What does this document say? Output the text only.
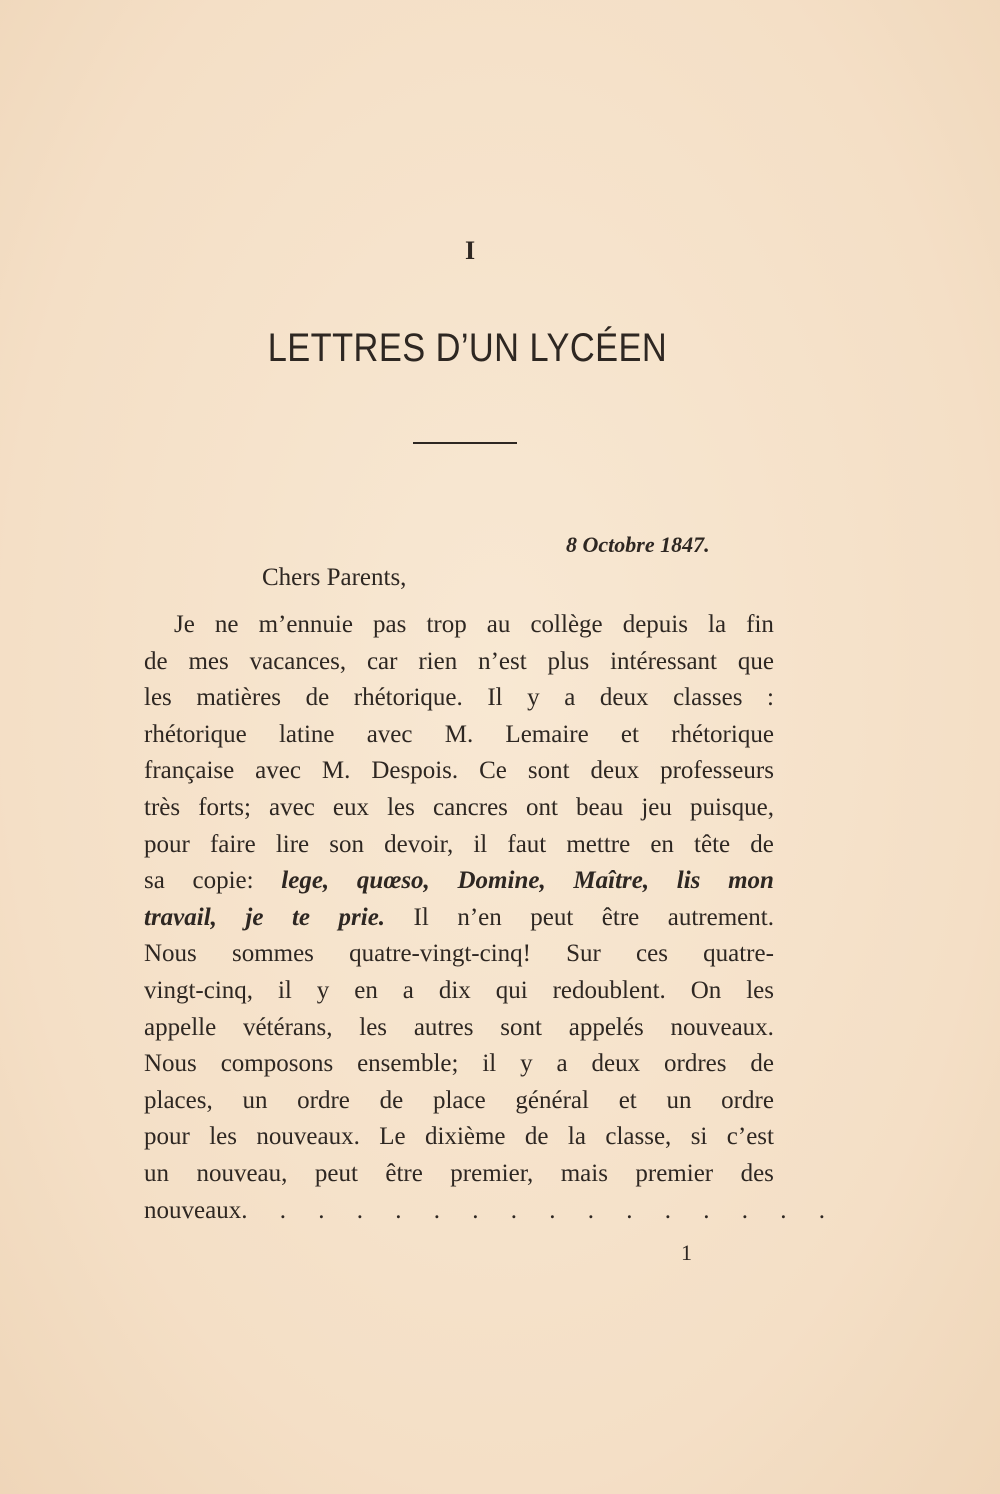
I
LETTRES D’UN LYCÉEN
8 Octobre 1847.
Chers Parents,
Je ne m’ennuie pas trop au collège depuis la fin
de mes vacances, car rien n’est plus intéressant que
les matières de rhétorique. Il y a deux classes :
rhétorique latine avec M. Lemaire et rhétorique
française avec M. Despois. Ce sont deux professeurs
très forts; avec eux les cancres ont beau jeu puisque,
pour faire lire son devoir, il faut mettre en tête de
sa copie: lege, quœso, Domine, Maître, lis mon
travail, je te prie. Il n’en peut être autrement.
Nous sommes quatre-vingt-cinq! Sur ces quatre-
vingt-cinq, il y en a dix qui redoublent. On les
appelle vétérans, les autres sont appelés nouveaux.
Nous composons ensemble; il y a deux ordres de
places, un ordre de place général et un ordre
pour les nouveaux. Le dixième de la classe, si c’est
un nouveau, peut être premier, mais premier des
nouveaux . . . . . . . . . . . . . . . .
1
